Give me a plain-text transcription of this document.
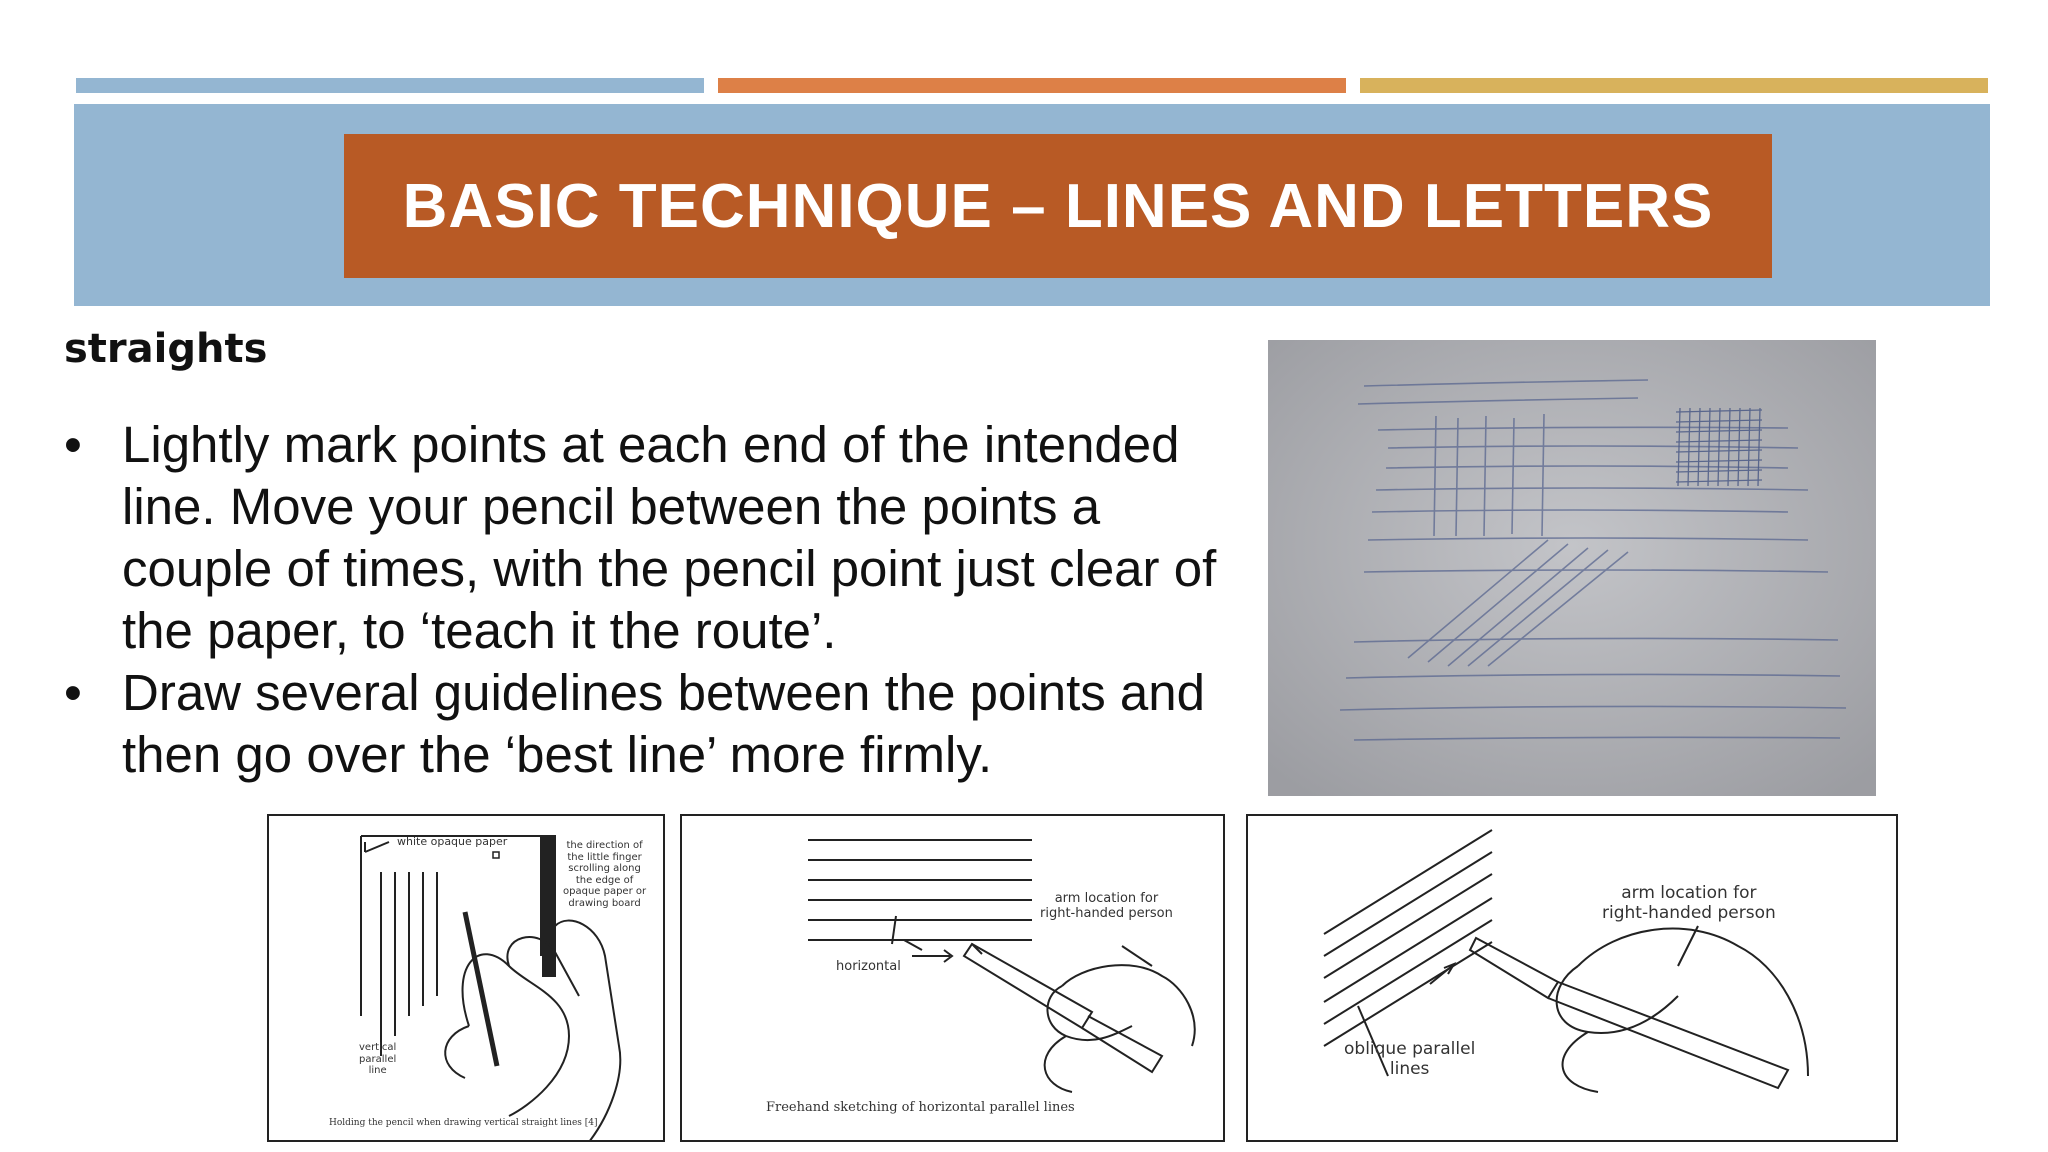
BASIC TECHNIQUE – LINES AND LETTERS
straights
• Lightly mark points at each end of the intended line. Move your pencil between the points a couple of times, with the pencil point just clear of the paper, to ‘teach it the route’.
• Draw several guidelines between the points and then go over the ‘best line’ more firmly.
white opaque paper	the direction of
the little finger
scrolling along
the edge of
opaque paper or
drawing board
vertical
parallel
line
Holding the pencil when drawing vertical straight lines [4]
arm location for
right-handed person
horizontal
Freehand sketching of horizontal parallel lines
arm location for
right-handed person
oblique parallel
lines
